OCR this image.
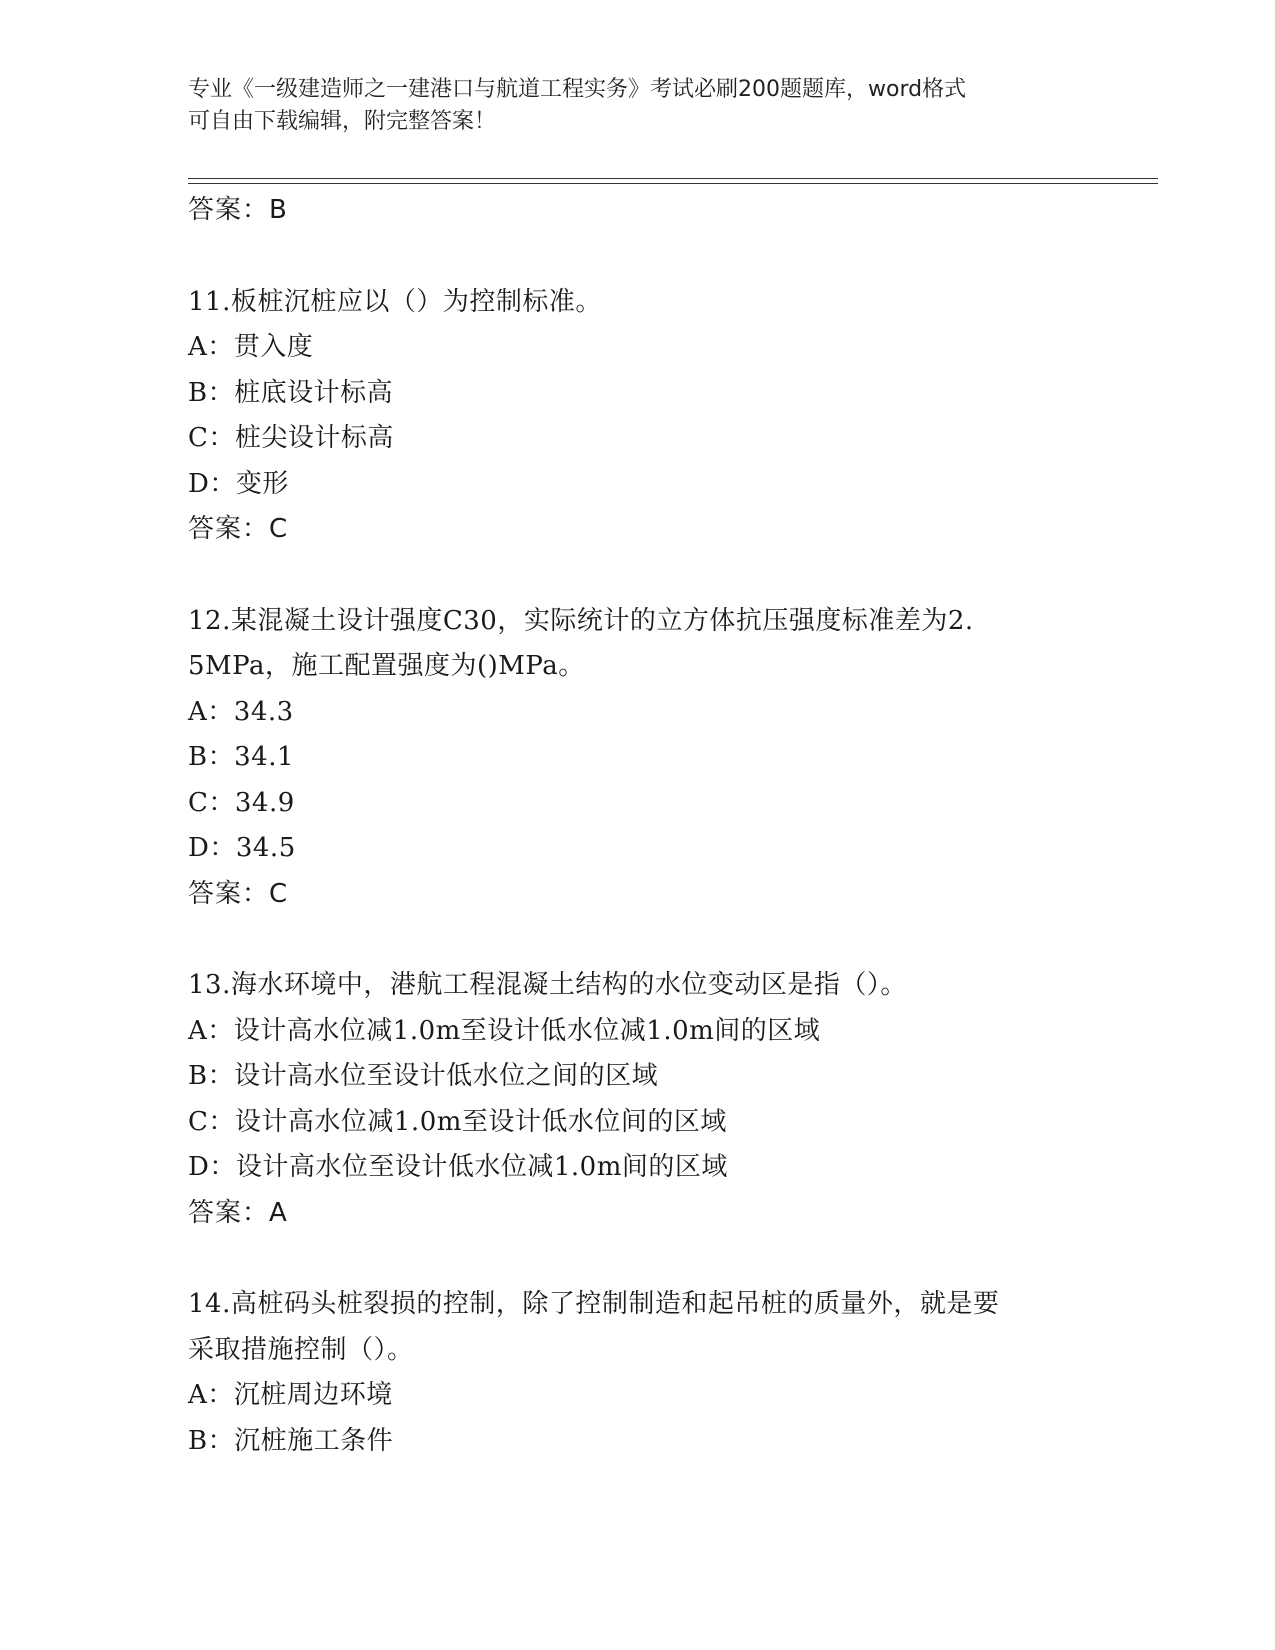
专业《一级建造师之一建港口与航道工程实务》考试必刷200题题库，word格式
可自由下载编辑，附完整答案！
答案：B
11.板桩沉桩应以（）为控制标准。
A：贯入度
B：桩底设计标高
C：桩尖设计标高
D：变形
答案：C
12.某混凝土设计强度C30，实际统计的立方体抗压强度标准差为2.
5MPa，施工配置强度为()MPa。
A：34.3
B：34.1
C：34.9
D：34.5
答案：C
13.海水环境中，港航工程混凝土结构的水位变动区是指（）。
A：设计高水位减1.0m至设计低水位减1.0m间的区域
B：设计高水位至设计低水位之间的区域
C：设计高水位减1.0m至设计低水位间的区域
D：设计高水位至设计低水位减1.0m间的区域
答案：A
14.高桩码头桩裂损的控制，除了控制制造和起吊桩的质量外，就是要
采取措施控制（）。
A：沉桩周边环境
B：沉桩施工条件
